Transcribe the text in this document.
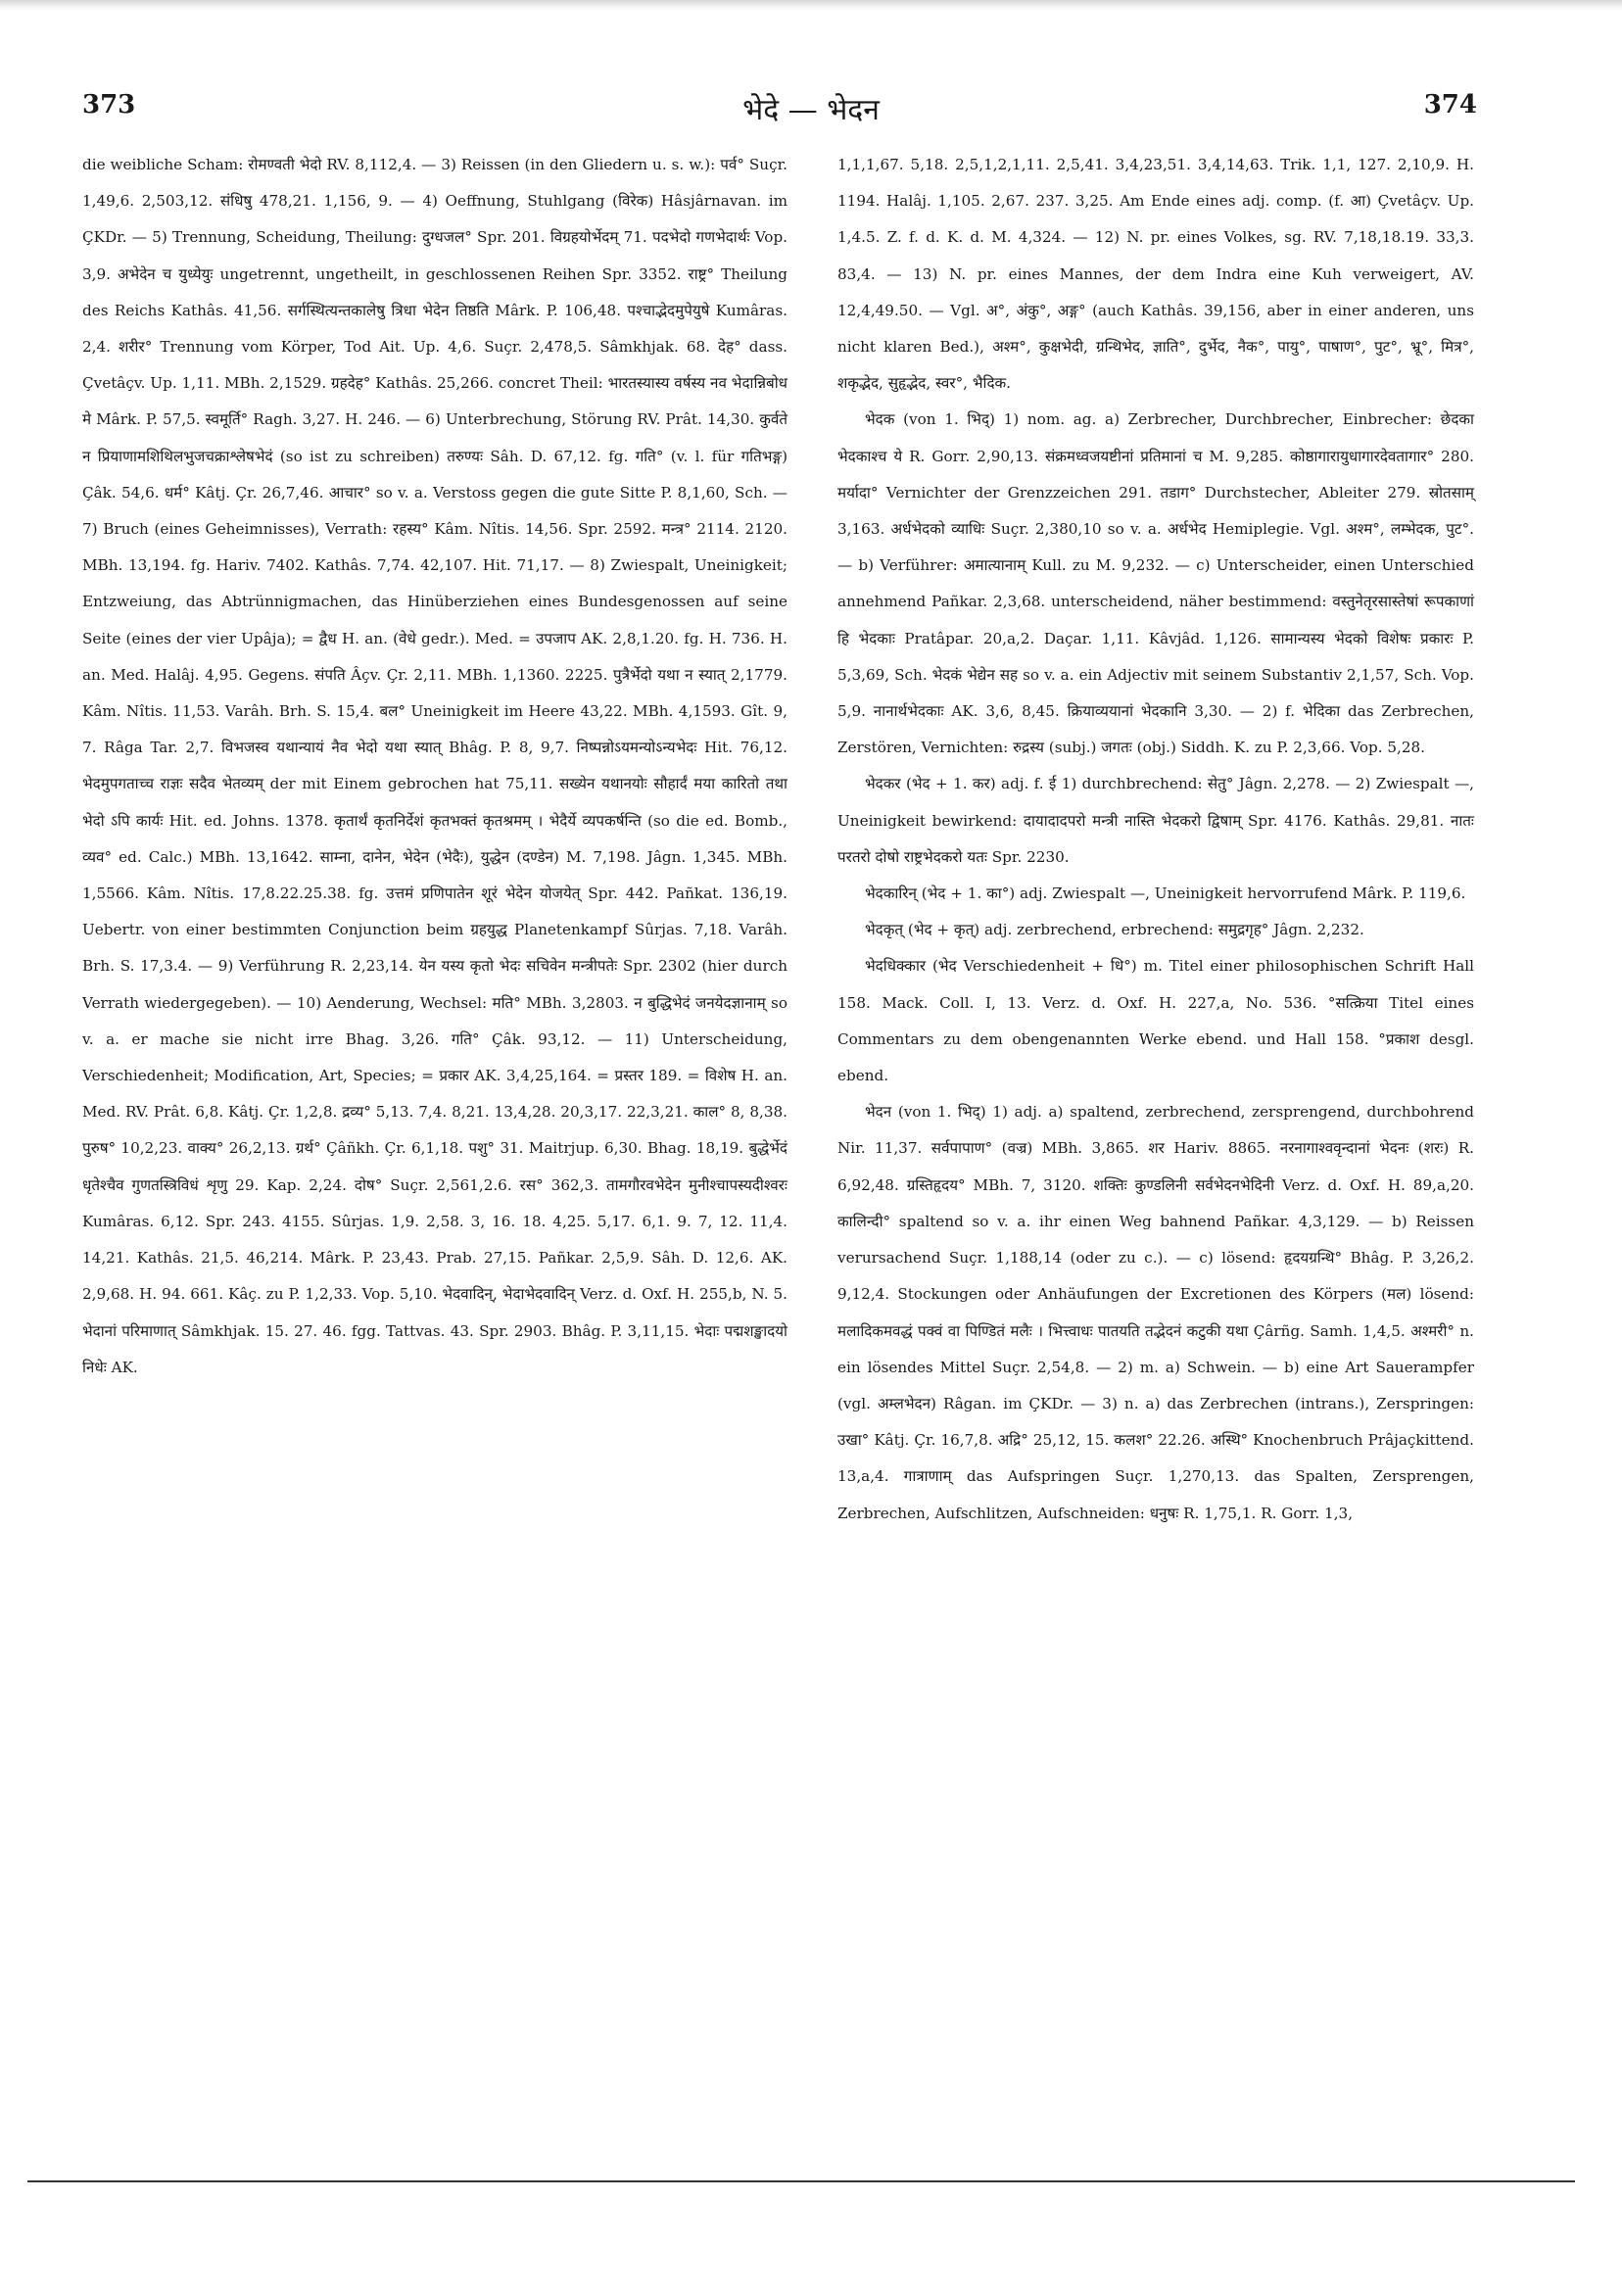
373	भेदे — भेदन	374

die weibliche Scham: रोमण्वती भेदो RV. 8,112,4. — 3) Reissen (in den Gliedern u. s. w.): पर्व° Suçr. 1,49,6. 2,503,12. संधिषु 478,21. 1,156, 9. — 4) Oeffnung, Stuhlgang (विरेक) Hâsjârnavan. im ÇKDr. — 5) Trennung, Scheidung, Theilung: दुग्धजल° Spr. 201. विग्रहयोर्भेदम् 71. पदभेदो गणभेदार्थः Vop. 3,9. अभेदेन च युध्येयुः ungetrennt, ungetheilt, in geschlossenen Reihen Spr. 3352. राष्ट्र° Theilung des Reichs Kathâs. 41,56. सर्गस्थित्यन्तकालेषु त्रिधा भेदेन तिष्ठति Mârk. P. 106,48. पश्चाद्भेदमुपेयुषे Kumâras. 2,4. शरीर° Trennung vom Körper, Tod Ait. Up. 4,6. Suçr. 2,478,5. Sâmkhjak. 68. देह° dass. Çvetâçv. Up. 1,11. MBh. 2,1529. ग्रहदेह° Kathâs. 25,266. concret Theil: भारतस्यास्य वर्षस्य नव भेदान्निबोध मे Mârk. P. 57,5. स्वमूर्ति° Ragh. 3,27. H. 246. — 6) Unterbrechung, Störung RV. Prât. 14,30. कुर्वते न प्रियाणामशिथिलभुजचक्राश्लेषभेदं (so ist zu schreiben) तरुण्यः Sâh. D. 67,12. fg. गति° (v. l. für गतिभङ्ग) Çâk. 54,6. धर्म° Kâtj. Çr. 26,7,46. आचार° so v. a. Verstoss gegen die gute Sitte P. 8,1,60, Sch. — 7) Bruch (eines Geheimnisses), Verrath: रहस्य° Kâm. Nîtis. 14,56. Spr. 2592. मन्त्र° 2114. 2120. MBh. 13,194. fg. Hariv. 7402. Kathâs. 7,74. 42,107. Hit. 71,17. — 8) Zwiespalt, Uneinigkeit; Entzweiung, das Abtrünnigmachen, das Hinüberziehen eines Bundesgenossen auf seine Seite (eines der vier Upâja); = द्वैध H. an. (वेधे gedr.). Med. = उपजाप AK. 2,8,1.20. fg. H. 736. H. an. Med. Halâj. 4,95. Gegens. संपति Âçv. Çr. 2,11. MBh. 1,1360. 2225. पुत्रैर्भेदो यथा न स्यात् 2,1779. Kâm. Nîtis. 11,53. Varâh. Brh. S. 15,4. बल° Uneinigkeit im Heere 43,22. MBh. 4,1593. Gît. 9, 7. Râga Tar. 2,7. विभजस्व यथान्यायं नैव भेदो यथा स्यात् Bhâg. P. 8, 9,7. निष्पन्नोऽयमन्योऽन्यभेदः Hit. 76,12. भेदमुपगताच्च राज्ञः सदैव भेतव्यम् der mit Einem gebrochen hat 75,11. सख्येन यथानयोः सौहार्दं मया कारितो तथा भेदो ऽपि कार्यः Hit. ed. Johns. 1378. कृतार्थं कृतनिर्देशं कृतभक्तं कृतश्रमम् । भेदैर्ये व्यपकर्षन्ति (so die ed. Bomb., व्यव° ed. Calc.) MBh. 13,1642. साम्ना, दानेन, भेदेन (भेदैः), युद्धेन (दण्डेन) M. 7,198. Jâgn. 1,345. MBh. 1,5566. Kâm. Nîtis. 17,8.22.25.38. fg. उत्तमं प्रणिपातेन शूरं भेदेन योजयेत् Spr. 442. Pañkat. 136,19. Uebertr. von einer bestimmten Conjunction beim ग्रहयुद्ध Planetenkampf Sûrjas. 7,18. Varâh. Brh. S. 17,3.4. — 9) Verführung R. 2,23,14. येन यस्य कृतो भेदः सचिवेन मन्त्रीपतेः Spr. 2302 (hier durch Verrath wiedergegeben). — 10) Aenderung, Wechsel: मति° MBh. 3,2803. न बुद्धिभेदं जनयेदज्ञानाम् so v. a. er mache sie nicht irre Bhag. 3,26. गति° Çâk. 93,12. — 11) Unterscheidung, Verschiedenheit; Modification, Art, Species; = प्रकार AK. 3,4,25,164. = प्रस्तर 189. = विशेष H. an. Med. RV. Prât. 6,8. Kâtj. Çr. 1,2,8. द्रव्य° 5,13. 7,4. 8,21. 13,4,28. 20,3,17. 22,3,21. काल° 8, 8,38. पुरुष° 10,2,23. वाक्य° 26,2,13. ग्रर्थ° Çâñkh. Çr. 6,1,18. पशु° 31. Maitrjup. 6,30. Bhag. 18,19. बुद्धेर्भेदं धृतेश्चैव गुणतस्त्रिविधं शृणु 29. Kap. 2,24. दोष° Suçr. 2,561,2.6. रस° 362,3. तामगौरवभेदेन मुनीश्चापस्यदीश्वरः Kumâras. 6,12. Spr. 243. 4155. Sûrjas. 1,9. 2,58. 3, 16. 18. 4,25. 5,17. 6,1. 9. 7, 12. 11,4. 14,21. Kathâs. 21,5. 46,214. Mârk. P. 23,43. Prab. 27,15. Pañkar. 2,5,9. Sâh. D. 12,6. AK. 2,9,68. H. 94. 661. Kâç. zu P. 1,2,33. Vop. 5,10. भेदवादिन्, भेदाभेदवादिन् Verz. d. Oxf. H. 255,b, N. 5. भेदानां परिमाणात् Sâmkhjak. 15. 27. 46. fgg. Tattvas. 43. Spr. 2903. Bhâg. P. 3,11,15. भेदाः पद्मशङ्खादयो निधेः AK.

1,1,1,67. 5,18. 2,5,1,2,1,11. 2,5,41. 3,4,23,51. 3,4,14,63. Trik. 1,1, 127. 2,10,9. H. 1194. Halâj. 1,105. 2,67. 237. 3,25. Am Ende eines adj. comp. (f. आ) Çvetâçv. Up. 1,4.5. Z. f. d. K. d. M. 4,324. — 12) N. pr. eines Volkes, sg. RV. 7,18,18.19. 33,3. 83,4. — 13) N. pr. eines Mannes, der dem Indra eine Kuh verweigert, AV. 12,4,49.50. — Vgl. अ°, अंकु°, अङ्ग° (auch Kathâs. 39,156, aber in einer anderen, uns nicht klaren Bed.), अश्म°, कुक्षभेदी, ग्रन्थिभेद, ज्ञाति°, दुर्भेद, नैक°, पायु°, पाषाण°, पुट°, भ्रू°, मित्र°, शकृद्भेद, सुहृद्भेद, स्वर°, भैदिक.

भेदक (von 1. भिद्) 1) nom. ag. a) Zerbrecher, Durchbrecher, Einbrecher: छेदका भेदकाश्च ये R. Gorr. 2,90,13. संक्रमध्वजयष्टीनां प्रतिमानां च M. 9,285. कोष्ठागारायुधागारदेवतागार° 280. मर्यादा° Vernichter der Grenzzeichen 291. तडाग° Durchstecher, Ableiter 279. स्रोतसाम् 3,163. अर्धभेदको व्याधिः Suçr. 2,380,10 so v. a. अर्धभेद Hemiplegie. Vgl. अश्म°, लम्भेदक, पुट°. — b) Verführer: अमात्यानाम् Kull. zu M. 9,232. — c) Unterscheider, einen Unterschied annehmend Pañkar. 2,3,68. unterscheidend, näher bestimmend: वस्तुनेतृरसास्तेषां रूपकाणां हि भेदकाः Pratâpar. 20,a,2. Daçar. 1,11. Kâvjâd. 1,126. सामान्यस्य भेदको विशेषः प्रकारः P. 5,3,69, Sch. भेदकं भेद्येन सह so v. a. ein Adjectiv mit seinem Substantiv 2,1,57, Sch. Vop. 5,9. नानार्थभेदकाः AK. 3,6, 8,45. क्रियाव्ययानां भेदकानि 3,30. — 2) f. भेदिका das Zerbrechen, Zerstören, Vernichten: रुद्रस्य (subj.) जगतः (obj.) Siddh. K. zu P. 2,3,66. Vop. 5,28.

भेदकर (भेद + 1. कर) adj. f. ई 1) durchbrechend: सेतु° Jâgn. 2,278. — 2) Zwiespalt —, Uneinigkeit bewirkend: दायादादपरो मन्त्री नास्ति भेदकरो द्विषाम् Spr. 4176. Kathâs. 29,81. नातः परतरो दोषो राष्ट्रभेदकरो यतः Spr. 2230.

भेदकारिन् (भेद + 1. का°) adj. Zwiespalt —, Uneinigkeit hervorrufend Mârk. P. 119,6.

भेदकृत् (भेद + कृत्) adj. zerbrechend, erbrechend: समुद्रगृह° Jâgn. 2,232.

भेदधिक्कार (भेद Verschiedenheit + धि°) m. Titel einer philosophischen Schrift Hall 158. Mack. Coll. I, 13. Verz. d. Oxf. H. 227,a, No. 536. °सत्क्रिया Titel eines Commentars zu dem obengenannten Werke ebend. und Hall 158. °प्रकाश desgl. ebend.

भेदन (von 1. भिद्) 1) adj. a) spaltend, zerbrechend, zersprengend, durchbohrend Nir. 11,37. सर्वपापाण° (वज्र) MBh. 3,865. शर Hariv. 8865. नरनागाश्ववृन्दानां भेदनः (शरः) R. 6,92,48. ग्रस्तिहृदय° MBh. 7, 3120. शक्तिः कुण्डलिनी सर्वभेदनभेदिनी Verz. d. Oxf. H. 89,a,20. कालिन्दी° spaltend so v. a. ihr einen Weg bahnend Pañkar. 4,3,129. — b) Reissen verursachend Suçr. 1,188,14 (oder zu c.). — c) lösend: हृदयग्रन्थि° Bhâg. P. 3,26,2. 9,12,4. Stockungen oder Anhäufungen der Excretionen des Körpers (मल) lösend: मलादिकमवद्धं पक्वं वा पिण्डितं मलैः । भित्त्वाधः पातयति तद्भेदनं कटुकी यथा Çârñg. Samh. 1,4,5. अश्मरी° n. ein lösendes Mittel Suçr. 2,54,8. — 2) m. a) Schwein. — b) eine Art Sauerampfer (vgl. अम्लभेदन) Râgan. im ÇKDr. — 3) n. a) das Zerbrechen (intrans.), Zerspringen: उखा° Kâtj. Çr. 16,7,8. अद्रि° 25,12, 15. कलश° 22.26. अस्थि° Knochenbruch Prâjaçkittend. 13,a,4. गात्राणाम् das Aufspringen Suçr. 1,270,13. das Spalten, Zersprengen, Zerbrechen, Aufschlitzen, Aufschneiden: धनुषः R. 1,75,1. R. Gorr. 1,3,
